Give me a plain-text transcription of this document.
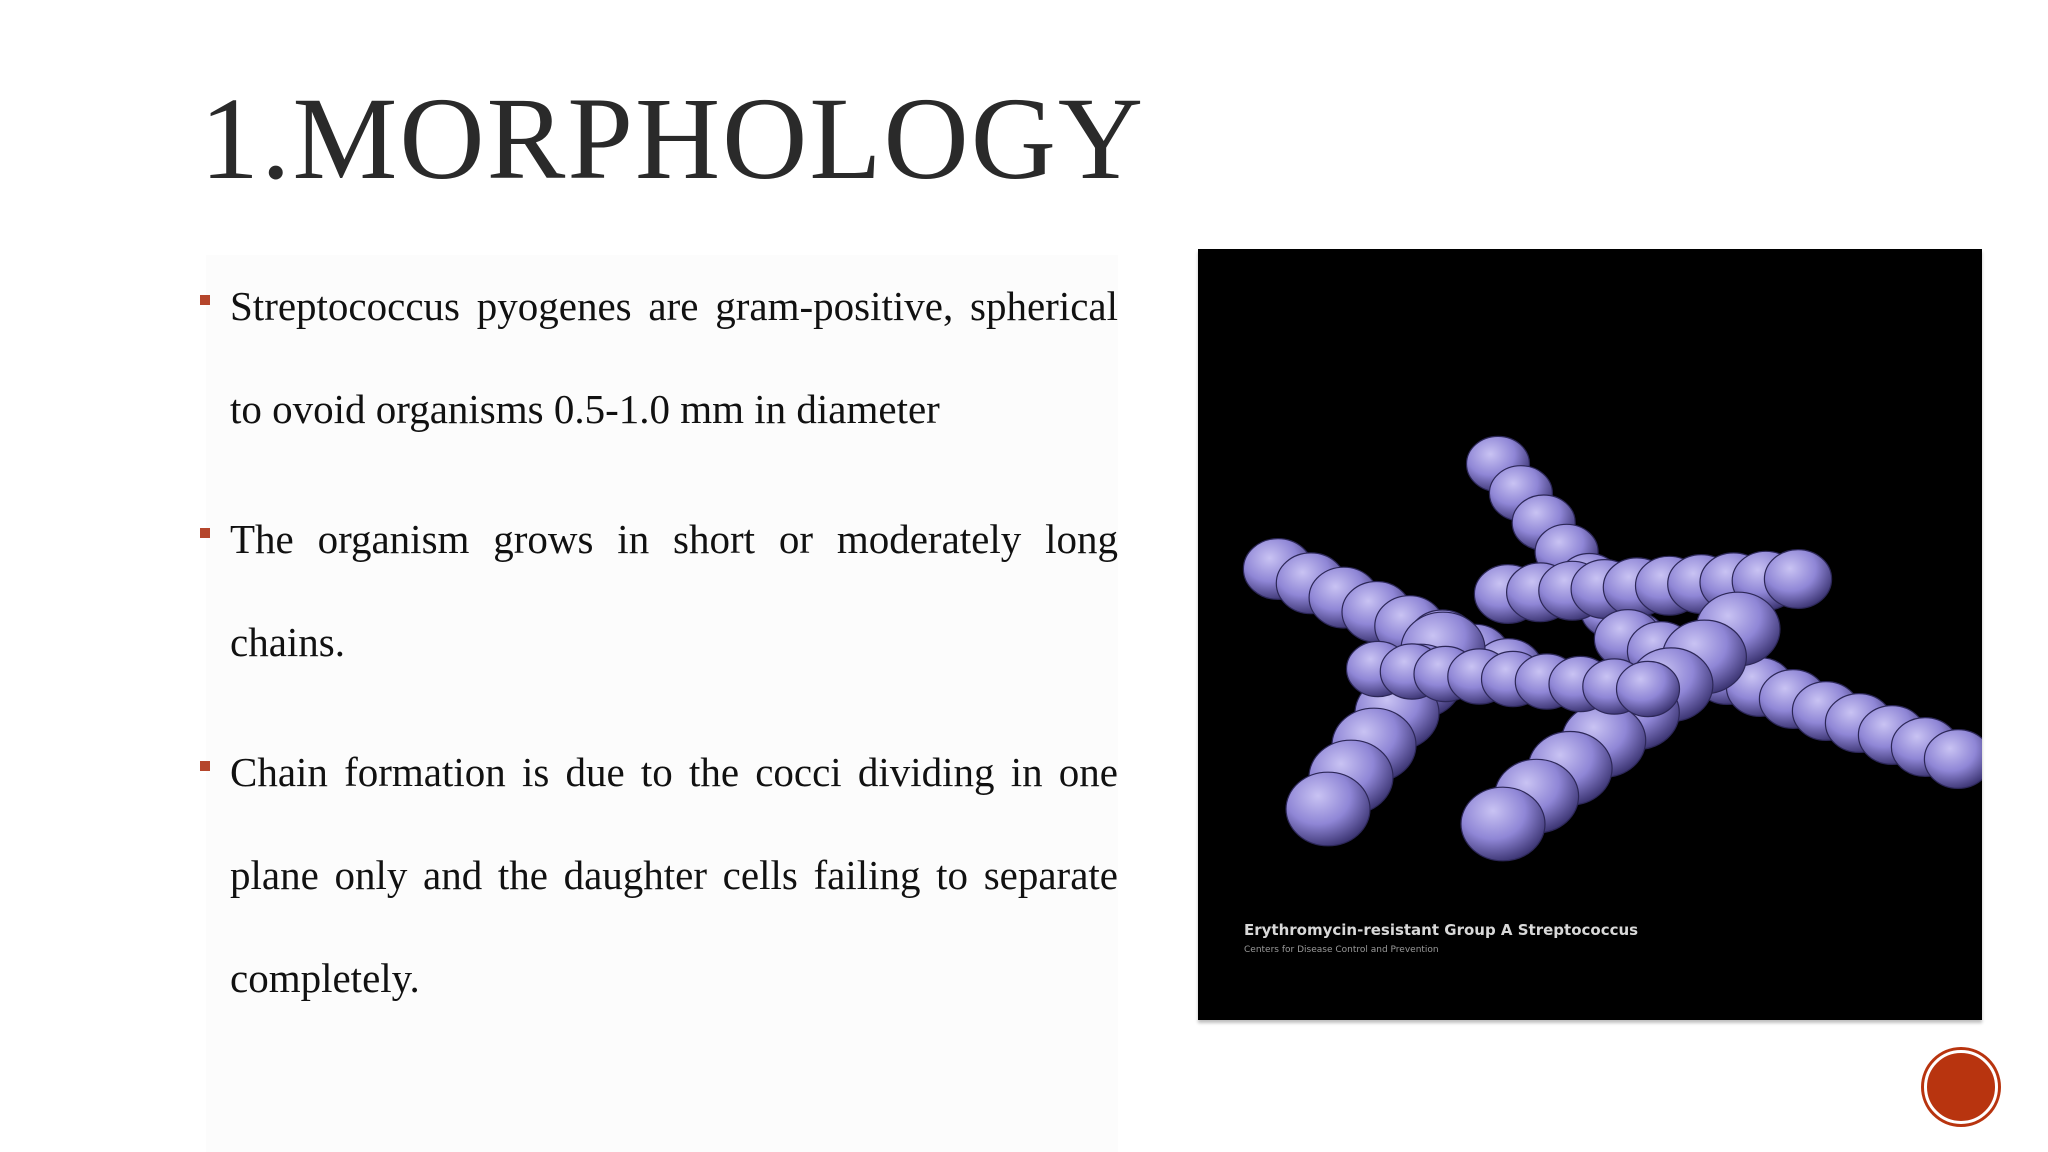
1.MORPHOLOGY
Streptococcus pyogenes are gram-positive, spherical to ovoid organisms 0.5-1.0 mm in diameter
The organism grows in short or moderately long chains.
Chain formation is due to the cocci dividing in one plane only and the daughter cells failing to separate completely.
Erythromycin-resistant Group A Streptococcus
Centers for Disease Control and Prevention
